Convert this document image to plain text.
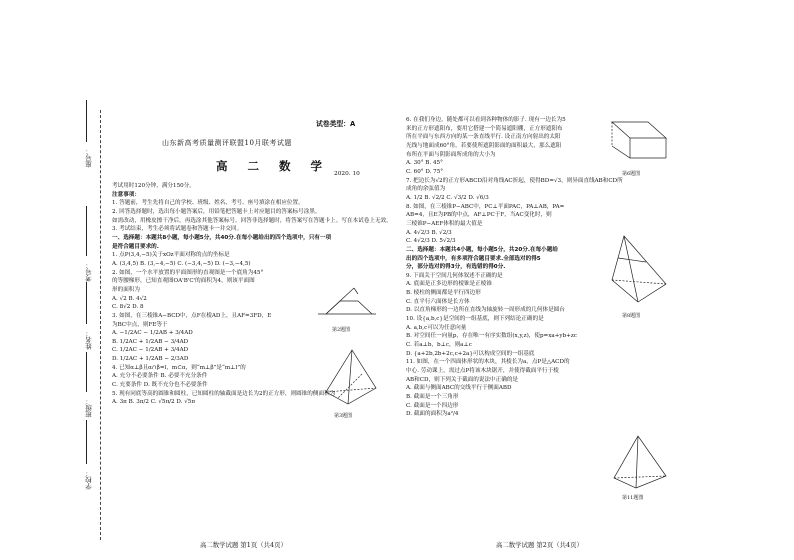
座号：
考号：
姓名：
班级：
学校：
试卷类型：A
山东新高考质量测评联盟10月联考试题
高 二 数 学
2020. 10

考试用时120分钟，满分150分。

注意事项：

1. 答题前，考生先将自己的学校、班级、姓名、考号、座号填涂在相应位置。

2. 回答选择题时，选出每小题答案后，用铅笔把答题卡上对应题目的答案标号涂黑。

如需改动，用橡皮擦干净后，再选涂其他答案标号。回答非选择题时，将答案写在答题卡上。写在本试卷上无效。

3. 考试结束，考生必须将试题卷和答题卡一并交回。

一、选择题：本题共8小题，每小题5分，共40分.在每小题给出的四个选项中，只有一项

是符合题目要求的.

1. 点P(3,4,−5)关于xOz平面对称的点的坐标是

A. (3,4,5) B. (3,−4,−5) C. (−3,4,−5) D. (−3,−4,5)

2. 如图，一个水平放置的平面图形的直观图是一个底角为45°

的等腰梯形，已知直观图OA'B'C'的面积为4，则该平面图

形的面积为

A. √2 B. 4√2

C. 8√2 D. 8

3. 如图，在三棱锥A−BCD中，点F在棱AD上，且AF=3FD，E

为BC中点，则FE等于

A. −1/2AC − 1/2AB + 3/4AD

B. 1/2AC + 1/2AB − 3/4AD

C. 1/2AC − 1/2AB + 3/4AD

D. 1/2AC + 1/2AB − 2/3AD

4. 已知α⊥β且α∩β=l，m⊂α，则“m⊥β”是“m⊥l”的

A. 充分不必要条件 B. 必要不充分条件

C. 充要条件 D. 既不充分也不必要条件

5. 现有同底等高的圆锥和圆柱，已知圆柱的轴截面是边长为2的正方形，则圆锥的侧面积为

A. 3π B. 3π/2 C. √5π/2 D. √5π

6. 在我们身边，随处都可以看到各种物体的影子. 现有一边长为5

米的正方形遮阳布，要用它搭建一个简易遮阳棚，正方形遮阳布

所在平面与东西方向的某一条直线平行. 设正南方向射出的太阳

光线与地面成60°角，若要使所遮阴影面的面积最大，那么遮阳

布所在平面与阴影面所成角的大小为

A. 30° B. 45°

C. 60° D. 75°

7. 把边长为√2的正方形ABCD沿对角线AC折起，使得BD=√3，则异面直线AB和CD所

成角的余弦值为

A. 1/2 B. √2/2 C. √3/2 D. √6/3

8. 如图，在三棱锥P−ABC中，PC⊥平面PAC，PA⊥AB，PA=

AB=4，且E为PB的中点，AF⊥PC于F，当AC变化时，则

三棱锥P−AEF体积的最大值是

A. 4√2/3 B. √2/3

C. 4√2/3 D. 5√2/3

二、选择题：本题共4小题，每小题5分，共20分.在每小题给

出的四个选项中，有多项符合题目要求.全部选对的得5

分，部分选对的得3分，有选错的得0分.

9. 下面关于空间几何体叙述不正确的是

A. 底面是正多边形的棱锥是正棱锥

B. 棱柱的侧面都是平行四边形

C. 直平行六面体是长方体

D. 以直角梯形的一边所在直线为轴旋转一周形成的几何体是圆台

10. 设{a,b,c}是空间的一组基底，则下列结论正确的是

A. a,b,c可以为任意向量

B. 对空间任一向量p，存在唯一有序实数组(x,y,z)，使p=xa+yb+zc

C. 若a⊥b，b⊥c，则a⊥c

D. {a+2b,2b+2c,c+2a}可以构成空间的一组基底

11. 如图，在一个四面体形状的木块，其棱长为a，点P是△ACD的

中心. 劳动课上，需过点P将该木块锯开，并使得截面平行于棱

AB和CD，则下列关于截面的说法中正确的是

A. 截面与侧面ABC的交线平行于侧面ABD

B. 截面是一个三角形

C. 截面是一个四边形

D. 截面的面积为a²/4

第2题图
第3题图
第6题图
第8题图
第11题图
高二数学试题 第1页（共4页）	高二数学试题 第2页（共4页）
